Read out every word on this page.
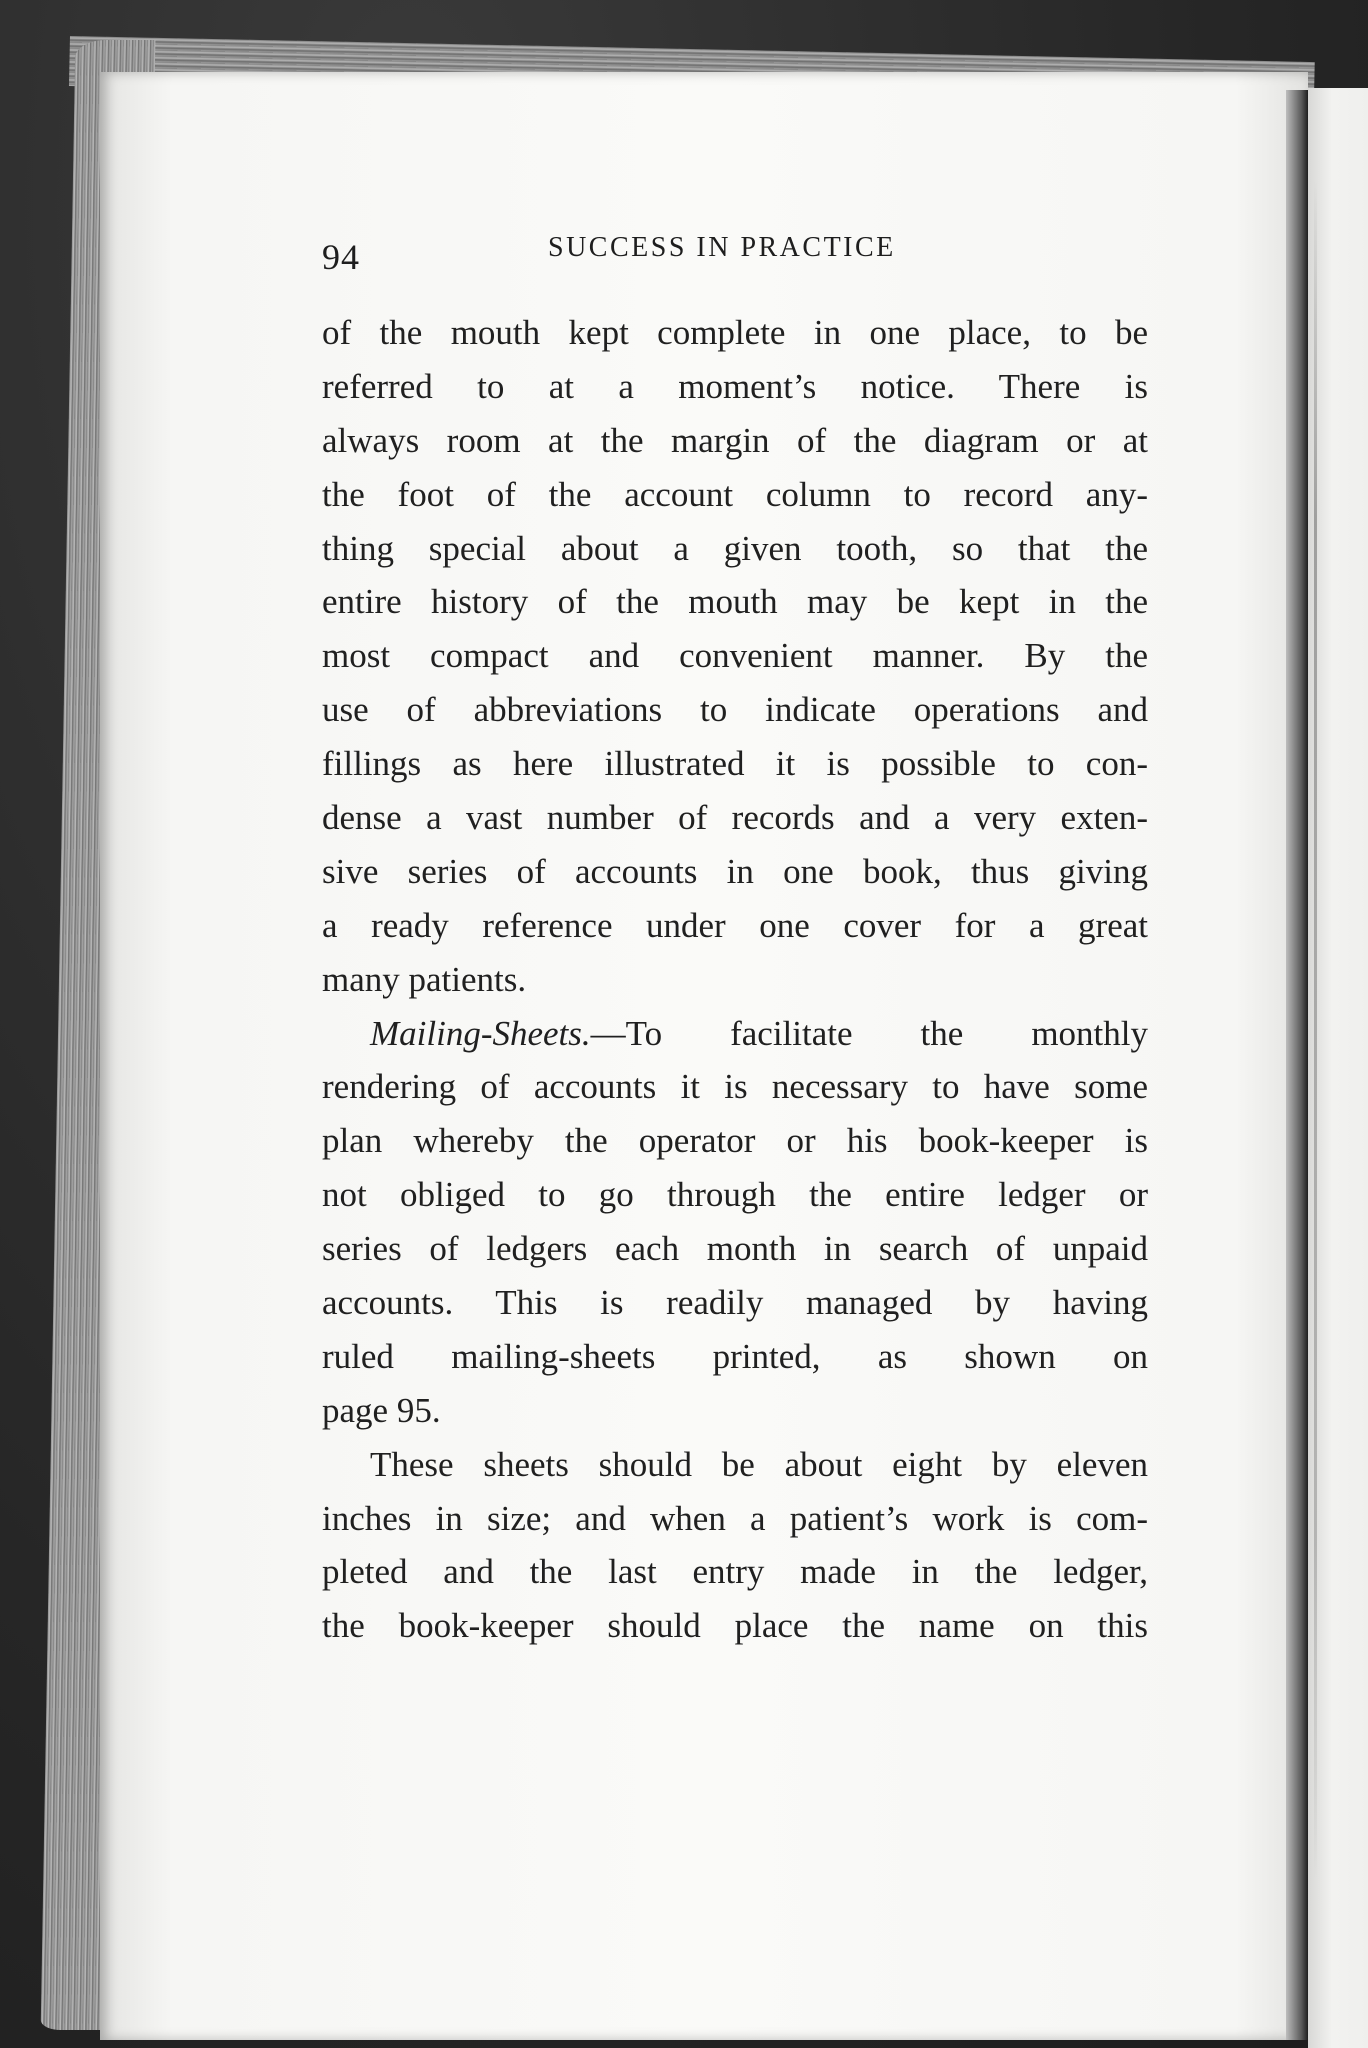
94	SUCCESS IN PRACTICE
of the mouth kept complete in one place, to be
referred to at a moment’s notice. There is
always room at the margin of the diagram or at
the foot of the account column to record any-
thing special about a given tooth, so that the
entire history of the mouth may be kept in the
most compact and convenient manner. By the
use of abbreviations to indicate operations and
fillings as here illustrated it is possible to con-
dense a vast number of records and a very exten-
sive series of accounts in one book, thus giving
a ready reference under one cover for a great
many patients.
Mailing-Sheets.—To facilitate the monthly
rendering of accounts it is necessary to have some
plan whereby the operator or his book-keeper is
not obliged to go through the entire ledger or
series of ledgers each month in search of unpaid
accounts. This is readily managed by having
ruled mailing-sheets printed, as shown on
page 95.
These sheets should be about eight by eleven
inches in size; and when a patient’s work is com-
pleted and the last entry made in the ledger,
the book-keeper should place the name on this
